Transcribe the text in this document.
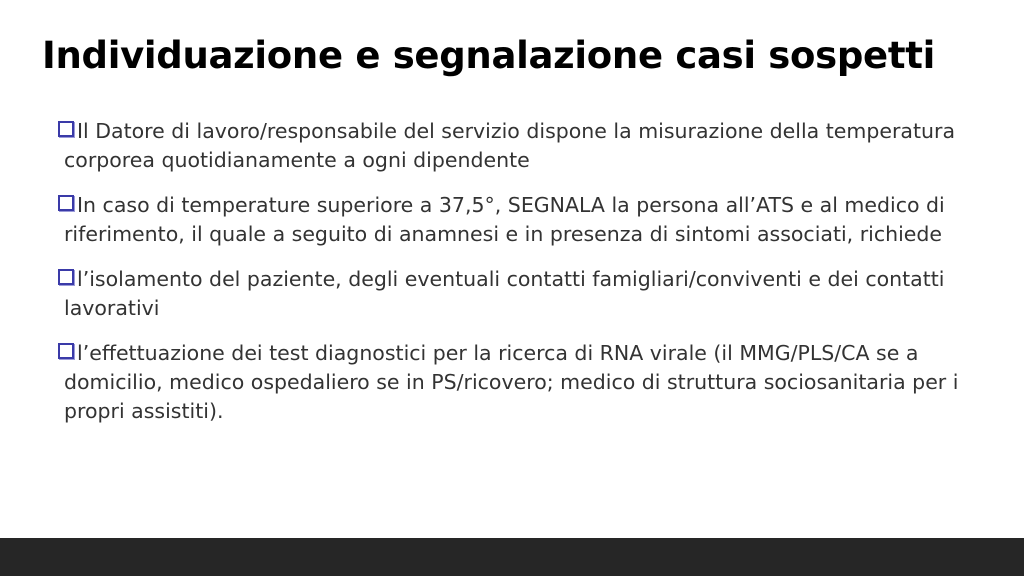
Individuazione e segnalazione casi sospetti
Il Datore di lavoro/responsabile del servizio dispone la misurazione della temperatura corporea quotidianamente a ogni dipendente
In caso di temperature superiore a 37,5°, SEGNALA la persona all’ATS e al medico di riferimento, il quale a seguito di anamnesi e in presenza di sintomi associati, richiede
l’isolamento del paziente, degli eventuali contatti famigliari/conviventi e dei contatti lavorativi
l’effettuazione dei test diagnostici per la ricerca di RNA virale (il MMG/PLS/CA se a domicilio, medico ospedaliero se in PS/ricovero; medico di struttura sociosanitaria per i propri assistiti).
